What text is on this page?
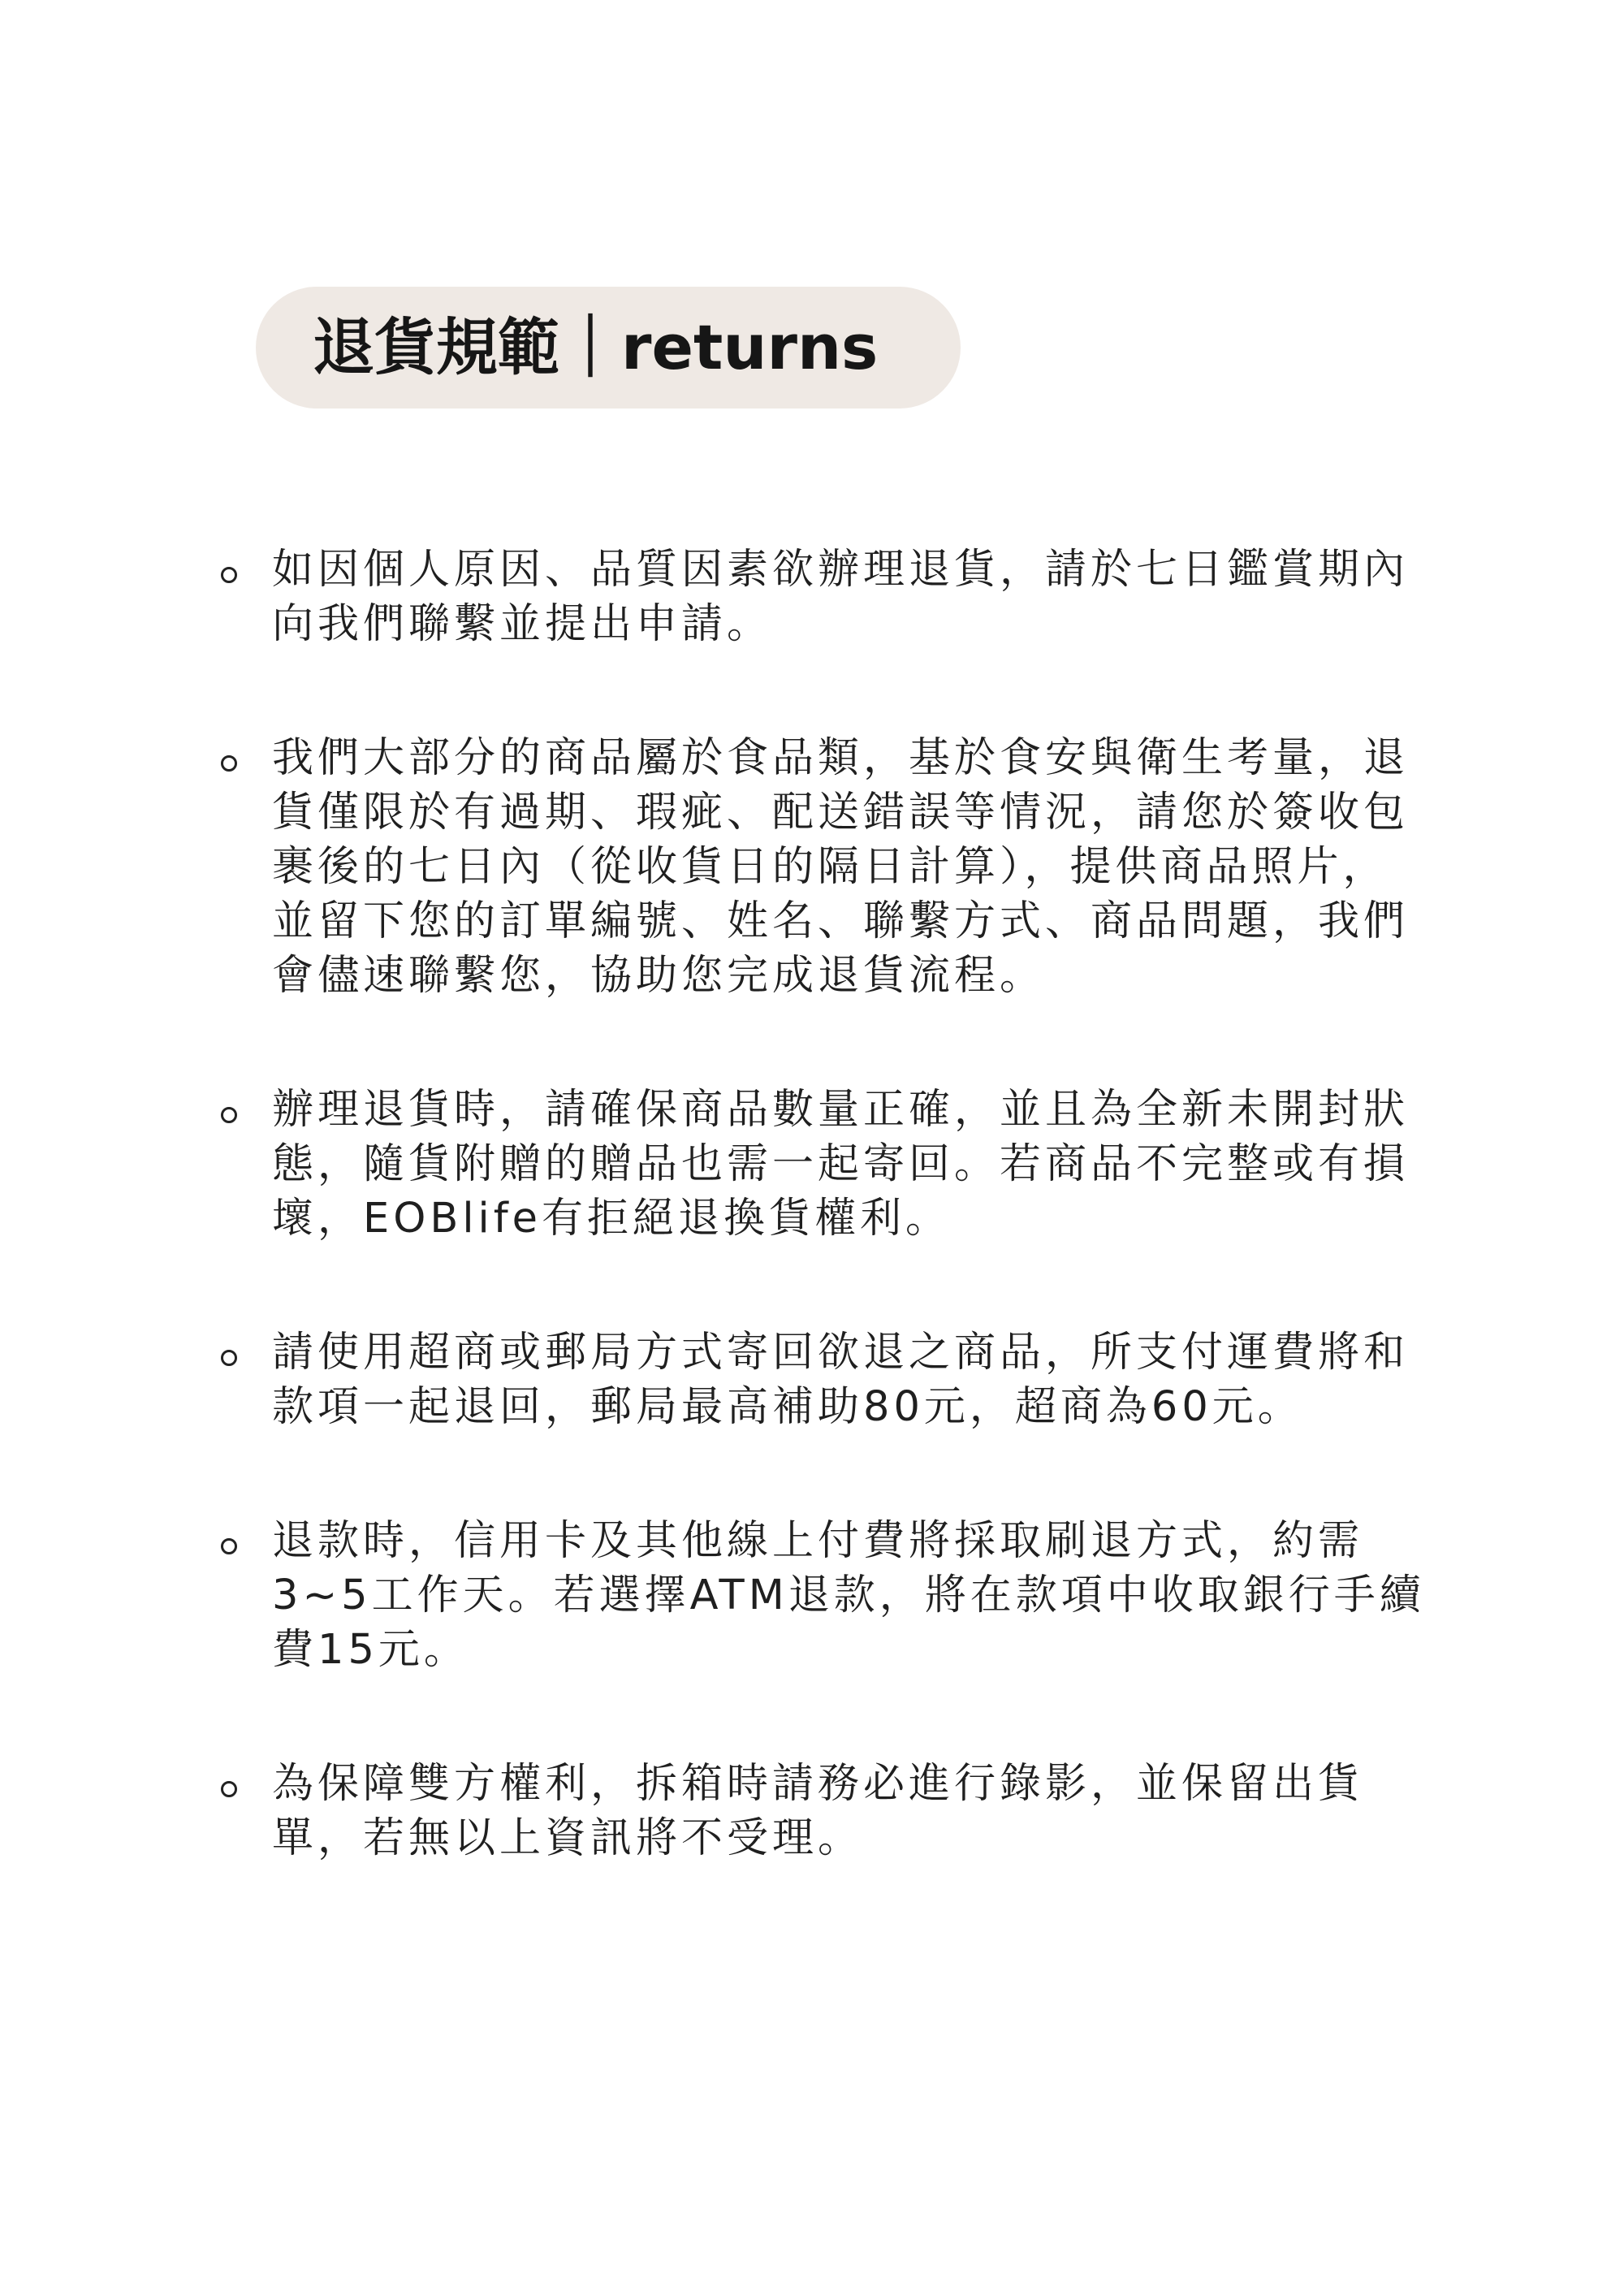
退貨規範｜returns
如因個人原因、品質因素欲辦理退貨，請於七日鑑賞期內
向我們聯繫並提出申請。
我們大部分的商品屬於食品類，基於食安與衛生考量，退
貨僅限於有過期、瑕疵、配送錯誤等情況，請您於簽收包
裹後的七日內（從收貨日的隔日計算），提供商品照片，
並留下您的訂單編號、姓名、聯繫方式、商品問題，我們
會儘速聯繫您，協助您完成退貨流程。
辦理退貨時，請確保商品數量正確，並且為全新未開封狀
態，隨貨附贈的贈品也需一起寄回。若商品不完整或有損
壞，EOBlife有拒絕退換貨權利。
請使用超商或郵局方式寄回欲退之商品，所支付運費將和
款項一起退回，郵局最高補助80元，超商為60元。
退款時，信用卡及其他線上付費將採取刷退方式，約需
3~5工作天。若選擇ATM退款，將在款項中收取銀行手續
費15元。
為保障雙方權利，拆箱時請務必進行錄影，並保留出貨
單，若無以上資訊將不受理。
